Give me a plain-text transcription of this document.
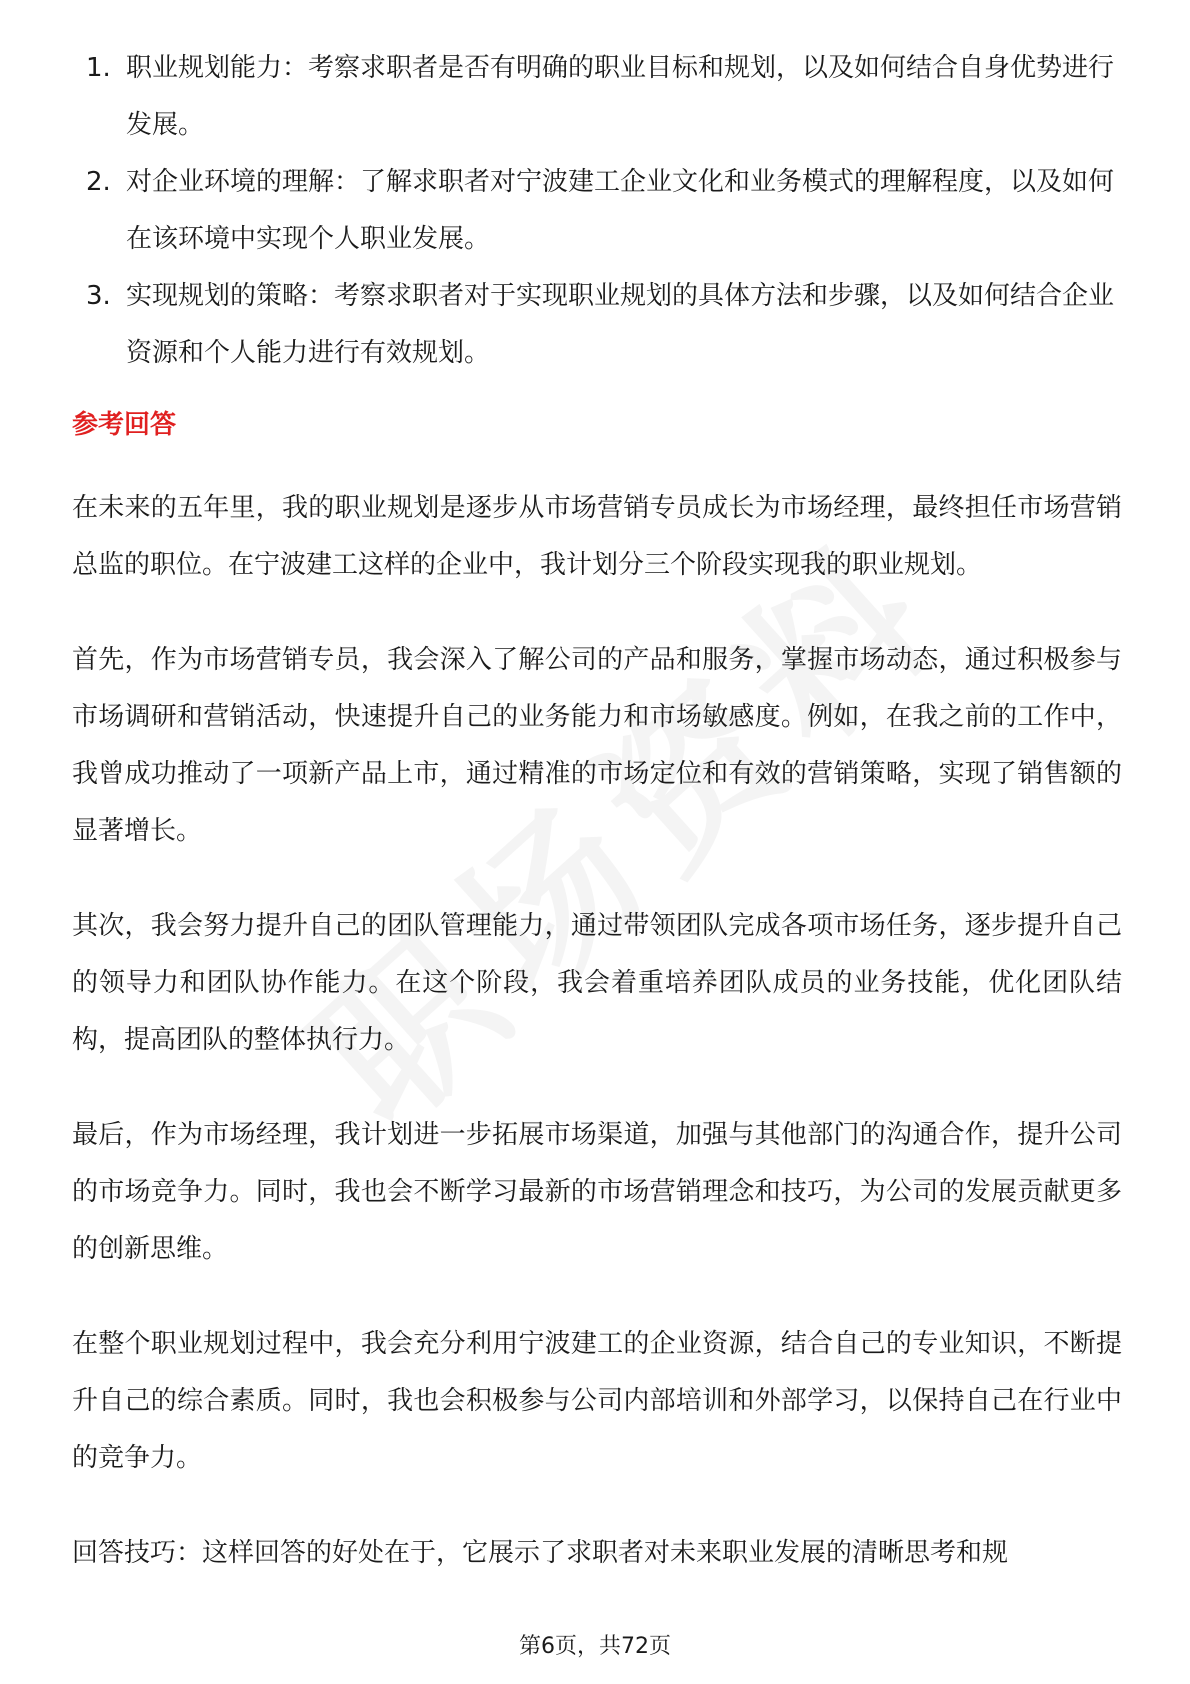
1. 职业规划能力：考察求职者是否有明确的职业目标和规划，以及如何结合自身优势进行发展。
2. 对企业环境的理解：了解求职者对宁波建工企业文化和业务模式的理解程度，以及如何在该环境中实现个人职业发展。
3. 实现规划的策略：考察求职者对于实现职业规划的具体方法和步骤，以及如何结合企业资源和个人能力进行有效规划。
参考回答

在未来的五年里，我的职业规划是逐步从市场营销专员成长为市场经理，最终担任市场营销总监的职位。在宁波建工这样的企业中，我计划分三个阶段实现我的职业规划。

首先，作为市场营销专员，我会深入了解公司的产品和服务，掌握市场动态，通过积极参与市场调研和营销活动，快速提升自己的业务能力和市场敏感度。例如，在我之前的工作中，我曾成功推动了一项新产品上市，通过精准的市场定位和有效的营销策略，实现了销售额的显著增长。

其次，我会努力提升自己的团队管理能力，通过带领团队完成各项市场任务，逐步提升自己的领导力和团队协作能力。在这个阶段，我会着重培养团队成员的业务技能，优化团队结构，提高团队的整体执行力。

最后，作为市场经理，我计划进一步拓展市场渠道，加强与其他部门的沟通合作，提升公司的市场竞争力。同时，我也会不断学习最新的市场营销理念和技巧，为公司的发展贡献更多的创新思维。

在整个职业规划过程中，我会充分利用宁波建工的企业资源，结合自己的专业知识，不断提升自己的综合素质。同时，我也会积极参与公司内部培训和外部学习，以保持自己在行业中的竞争力。

回答技巧：这样回答的好处在于，它展示了求职者对未来职业发展的清晰思考和规

第6页，共72页
